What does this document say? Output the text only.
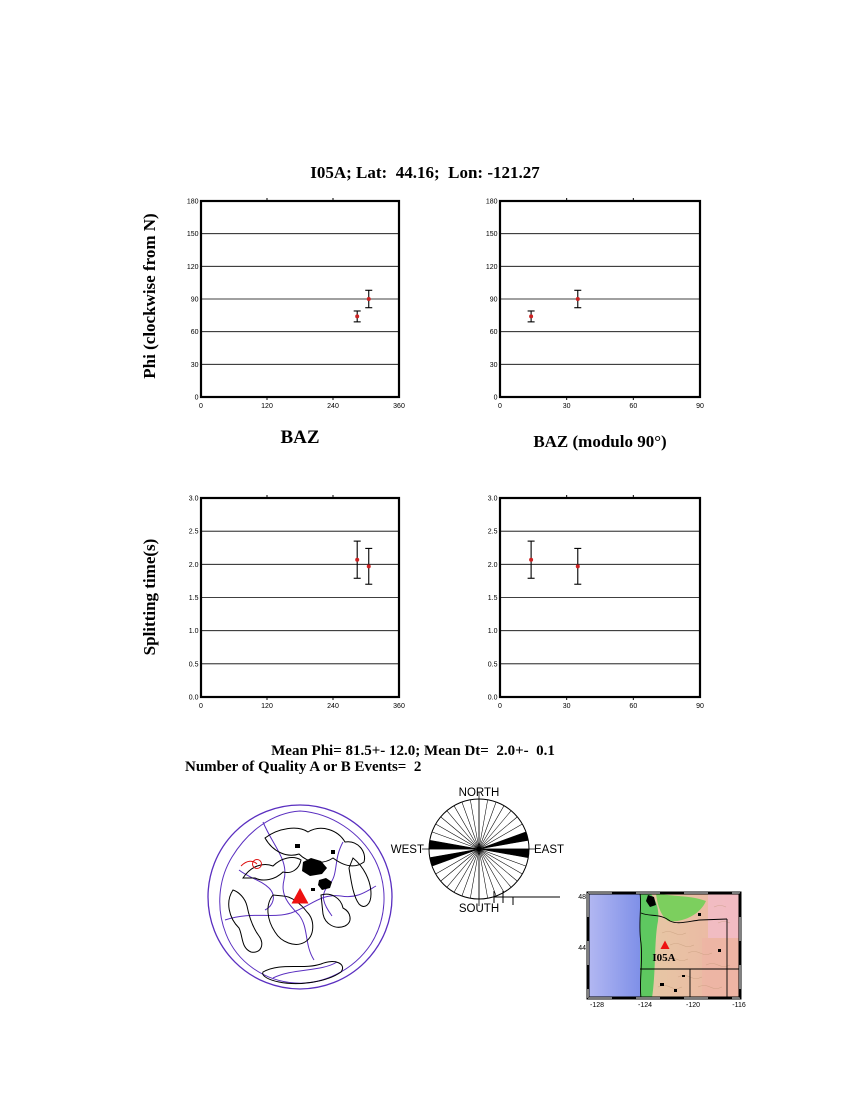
I05A; Lat:  44.16;  Lon: -121.27
Phi (clockwise from N)
Splitting time(s)
BAZ	BAZ (modulo 90°)
Mean Phi= 81.5+- 12.0; Mean Dt=  2.0+-  0.1
Number of Quality A or B Events=  2
0	120	240	360
0
30
60
90
120
150
180
0	30	60	90
0
30
60
90
120
150
180
0	120	240	360
0.0
0.5
1.0
1.5
2.0
2.5
3.0
0	30	60	90
0.0
0.5
1.0
1.5
2.0
2.5
3.0
NORTH
SOUTH
WEST	EAST
I05A
-128	-124	-120	-116
48
44
